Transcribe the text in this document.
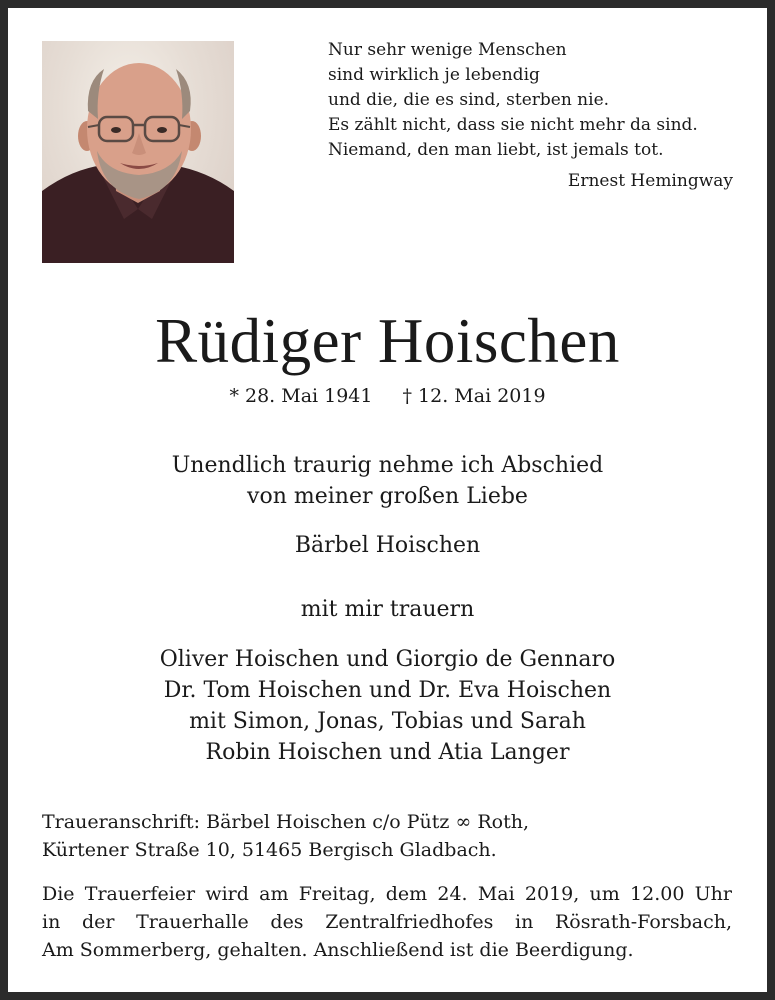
Nur sehr wenige Menschen
sind wirklich je lebendig
und die, die es sind, sterben nie.
Es zählt nicht, dass sie nicht mehr da sind.
Niemand, den man liebt, ist jemals tot.
Ernest Hemingway
Rüdiger Hoischen
* 28. Mai 1941 † 12. Mai 2019
Unendlich traurig nehme ich Abschied
von meiner großen Liebe
Bärbel Hoischen
mit mir trauern
Oliver Hoischen und Giorgio de Gennaro
Dr. Tom Hoischen und Dr. Eva Hoischen
mit Simon, Jonas, Tobias und Sarah
Robin Hoischen und Atia Langer
Traueranschrift: Bärbel Hoischen c/o Pütz ∞ Roth,
Kürtener Straße 10, 51465 Bergisch Gladbach.
Die Trauerfeier wird am Freitag, dem 24. Mai 2019, um 12.00 Uhr
in der Trauerhalle des Zentralfriedhofes in Rösrath-Forsbach,
Am Sommerberg, gehalten. Anschließend ist die Beerdigung.
